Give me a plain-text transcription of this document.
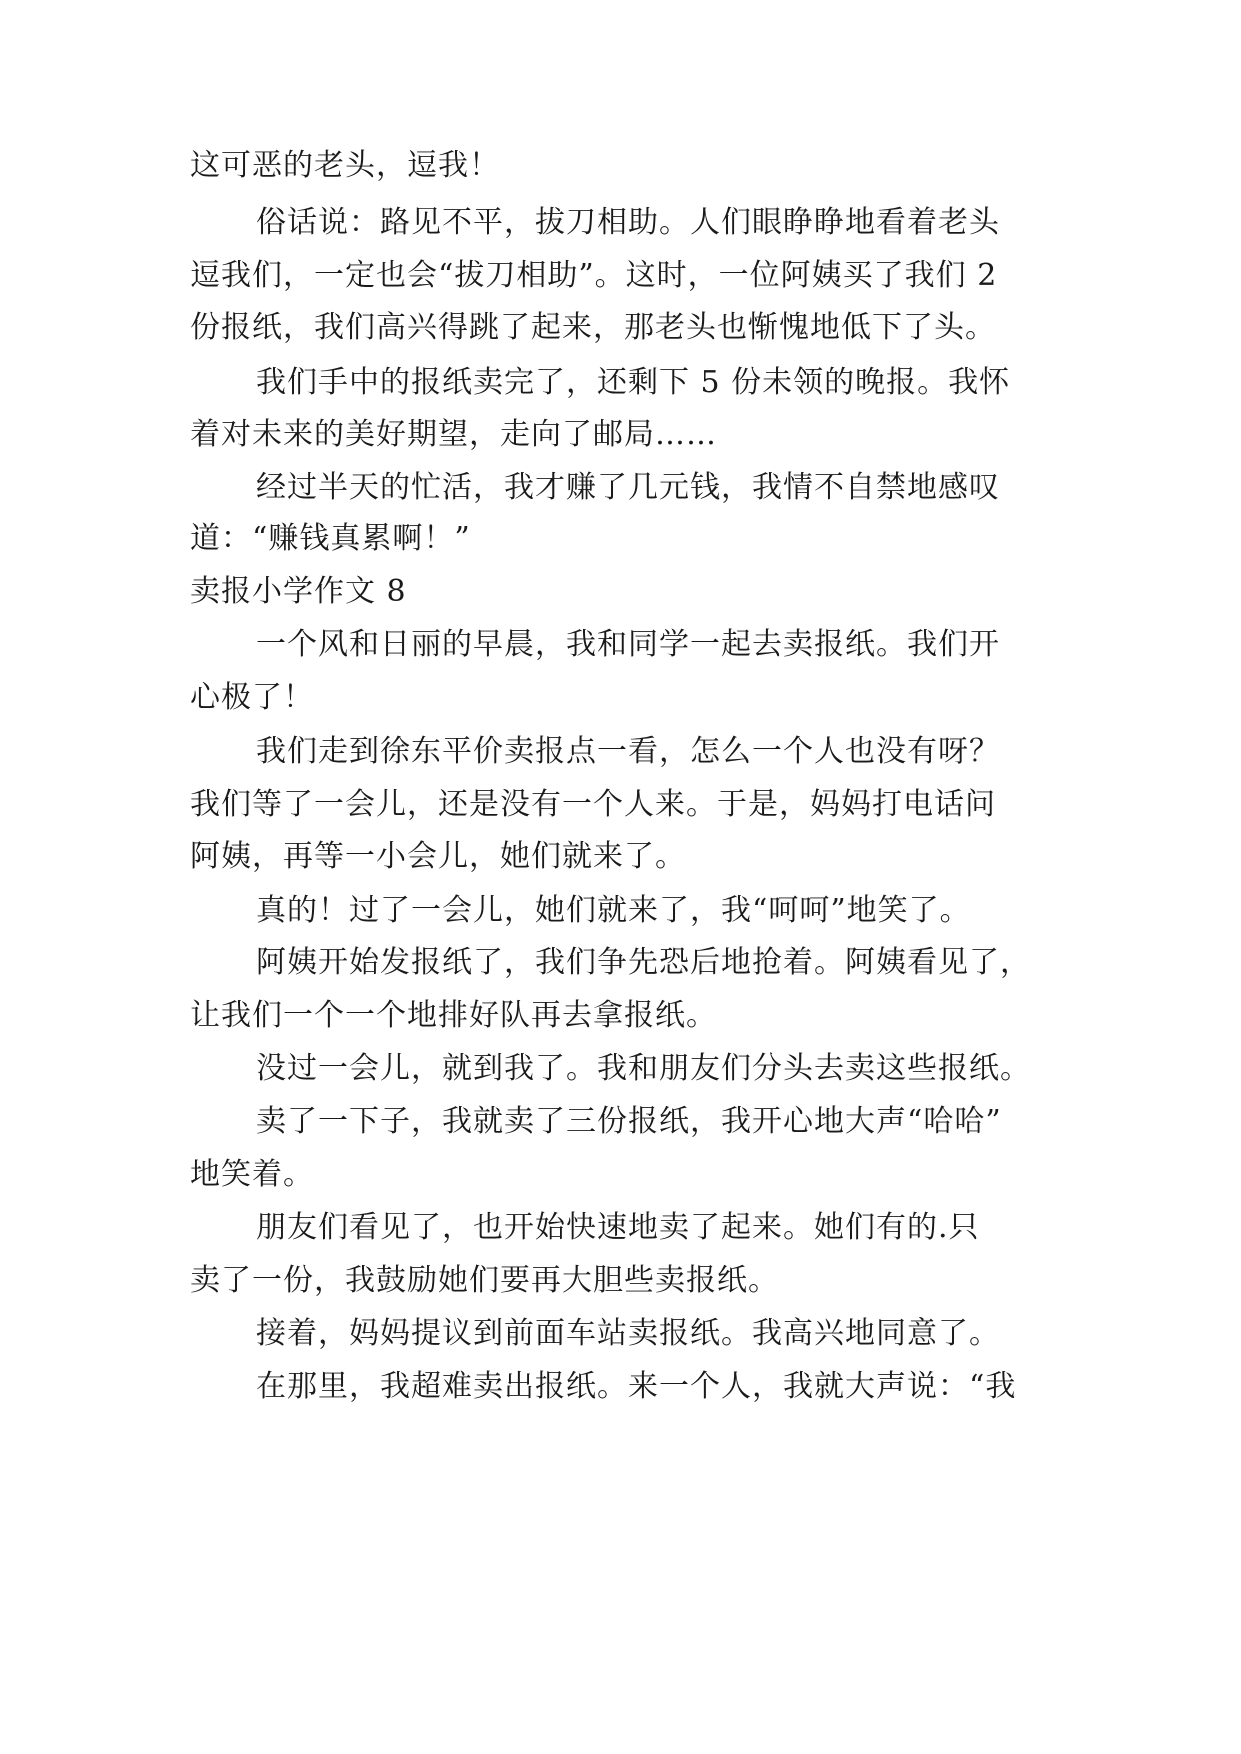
这可恶的老头，逗我！
俗话说：路见不平，拔刀相助。人们眼睁睁地看着老头
逗我们，一定也会“拔刀相助”。这时，一位阿姨买了我们 2
份报纸，我们高兴得跳了起来，那老头也惭愧地低下了头。
我们手中的报纸卖完了，还剩下 5 份未领的晚报。我怀
着对未来的美好期望，走向了邮局……
经过半天的忙活，我才赚了几元钱，我情不自禁地感叹
道：“赚钱真累啊！”
卖报小学作文 8
一个风和日丽的早晨，我和同学一起去卖报纸。我们开
心极了！
我们走到徐东平价卖报点一看，怎么一个人也没有呀？
我们等了一会儿，还是没有一个人来。于是，妈妈打电话问
阿姨，再等一小会儿，她们就来了。
真的！过了一会儿，她们就来了，我“呵呵”地笑了。
阿姨开始发报纸了，我们争先恐后地抢着。阿姨看见了，
让我们一个一个地排好队再去拿报纸。
没过一会儿，就到我了。我和朋友们分头去卖这些报纸。
卖了一下子，我就卖了三份报纸，我开心地大声“哈哈”
地笑着。
朋友们看见了，也开始快速地卖了起来。她们有的.只
卖了一份，我鼓励她们要再大胆些卖报纸。
接着，妈妈提议到前面车站卖报纸。我高兴地同意了。
在那里，我超难卖出报纸。来一个人，我就大声说：“我
